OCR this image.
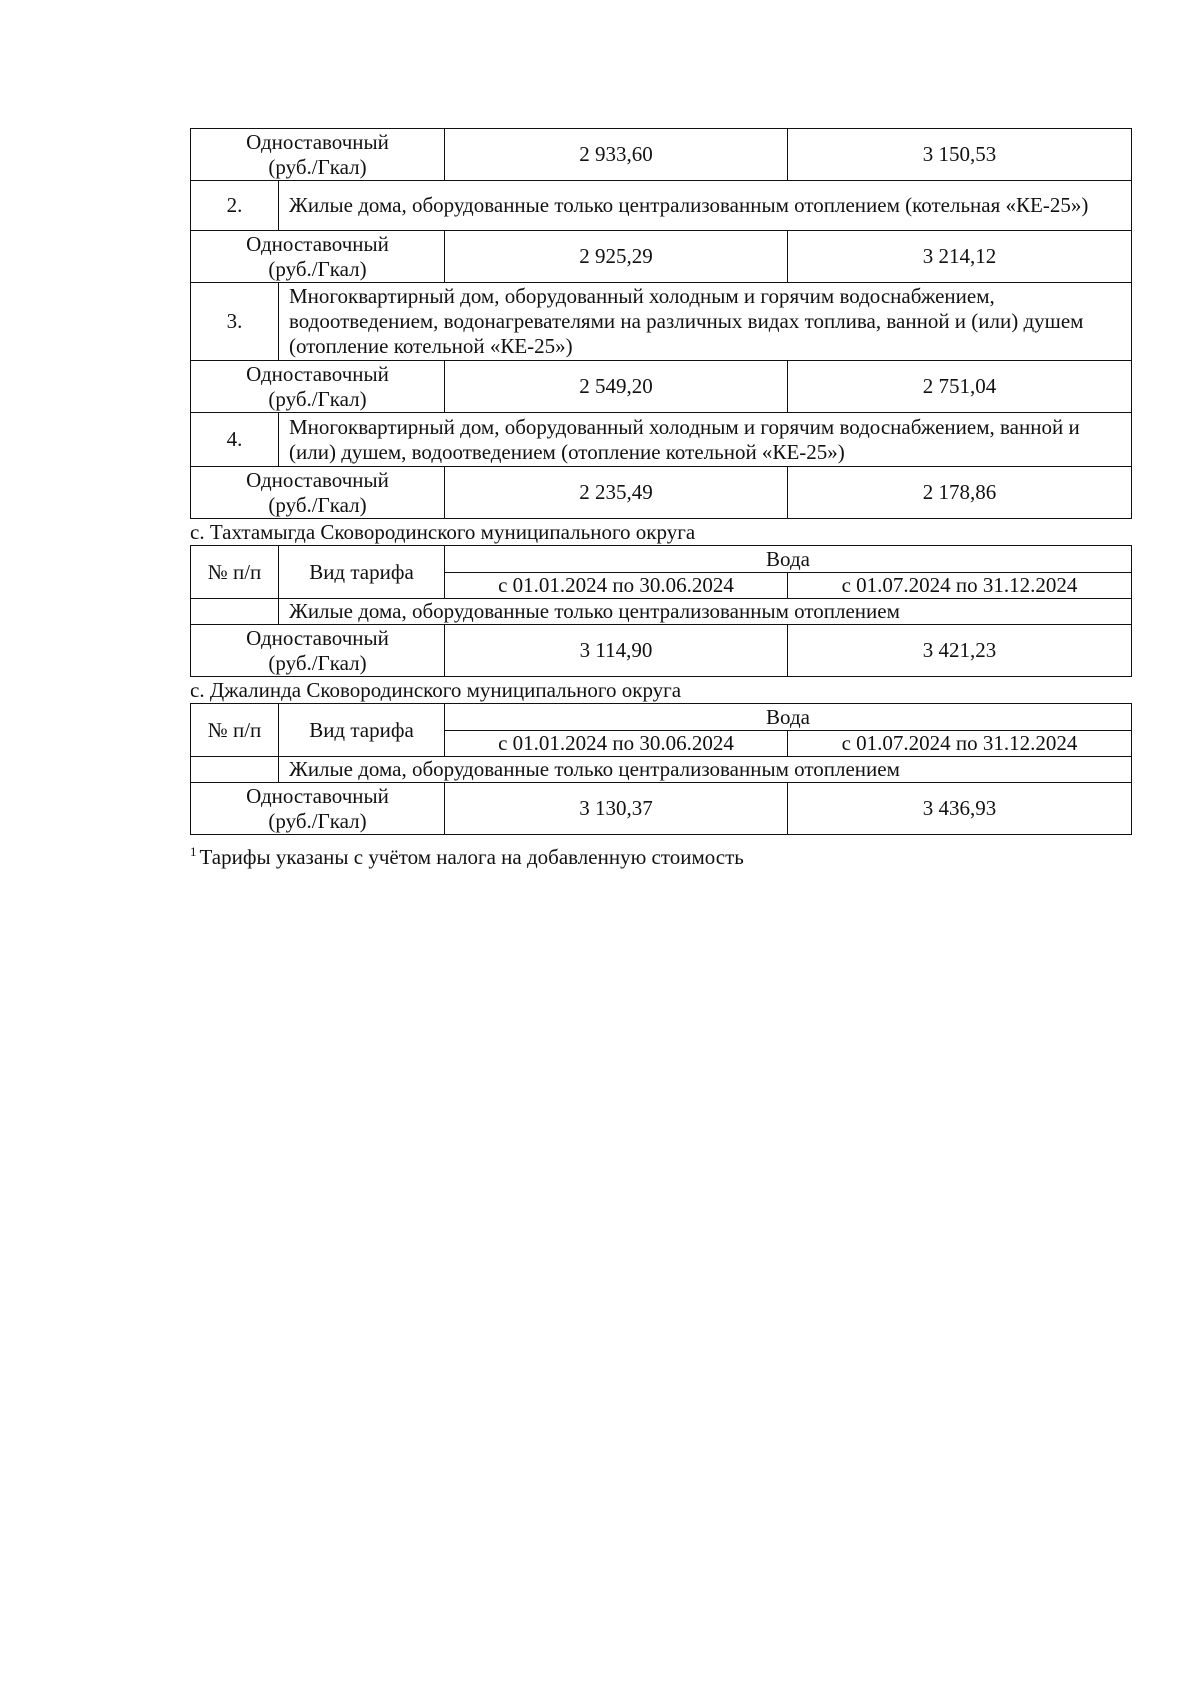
Одноставочный
(руб./Гкал)		2 933,60	3 150,53
2.	Жилые дома, оборудованные только централизованным отоплением (котельная «КЕ-25»)		

Одноставочный
(руб./Гкал)		2 925,29	3 214,12
3.	Многоквартирный дом, оборудованный холодным и горячим водоснабжением, водоотведением, водонагревателями на различных видах топлива, ванной и (или) душем (отопление котельной «КЕ-25»)		

Одноставочный
(руб./Гкал)		2 549,20	2 751,04
4.	Многоквартирный дом, оборудованный холодным и горячим водоснабжением, ванной и (или) душем, водоотведением (отопление котельной «КЕ-25»)		

Одноставочный
(руб./Гкал)		2 235,49	2 178,86
с. Тахтамыгда Сковородинского муниципального округа
№ п/п	Вид тарифа	Вода	
		с 01.01.2024 по 30.06.2024	с 01.07.2024 по 31.12.2024
	Жилые дома, оборудованные только централизованным отоплением		

Одноставочный
(руб./Гкал)		3 114,90	3 421,23
с. Джалинда Сковородинского муниципального округа
№ п/п	Вид тарифа	Вода	
		с 01.01.2024 по 30.06.2024	с 01.07.2024 по 31.12.2024
	Жилые дома, оборудованные только централизованным отоплением		

Одноставочный
(руб./Гкал)		3 130,37	3 436,93
$^1$ Тарифы указаны с учётом налога на добавленную стоимость
